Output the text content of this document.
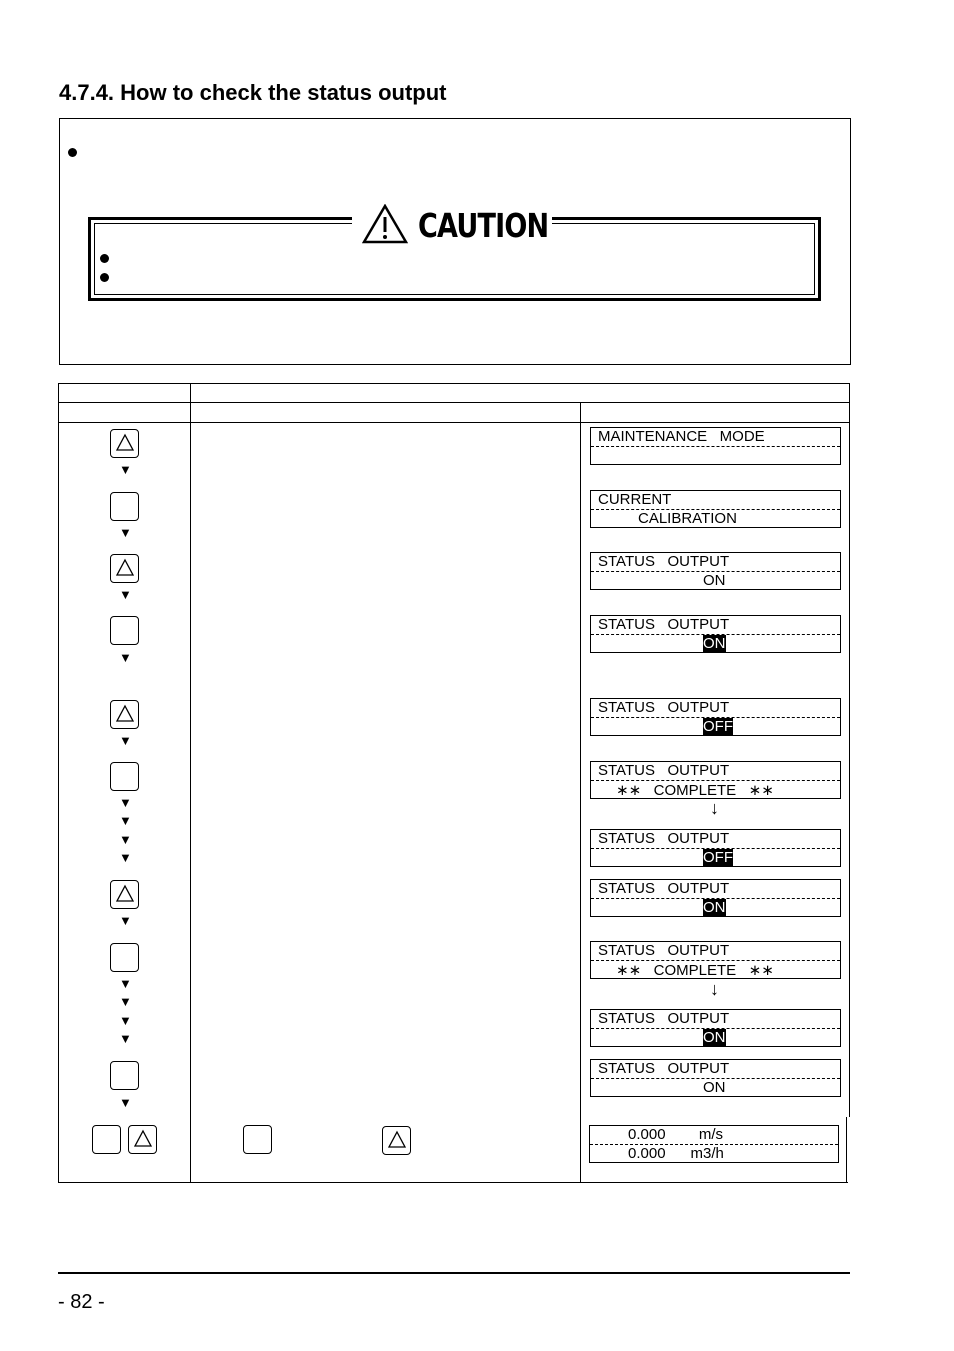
4.7.4. How to check the status output
CAUTION
▼
▼
▼
▼
▼
▼
▼
▼
▼
▼
▼
▼
▼
▼
▼
MAINTENANCE   MODE
CURRENT
CALIBRATION
STATUS   OUTPUT
ON
STATUS   OUTPUT
ON
STATUS   OUTPUT
OFF
STATUS   OUTPUT
∗∗   COMPLETE   ∗∗
↓
STATUS   OUTPUT
OFF
STATUS   OUTPUT
ON
STATUS   OUTPUT
∗∗   COMPLETE   ∗∗
↓
STATUS   OUTPUT
ON
STATUS   OUTPUT
ON
0.000        m/s
0.000      m3/h
- 82 -
